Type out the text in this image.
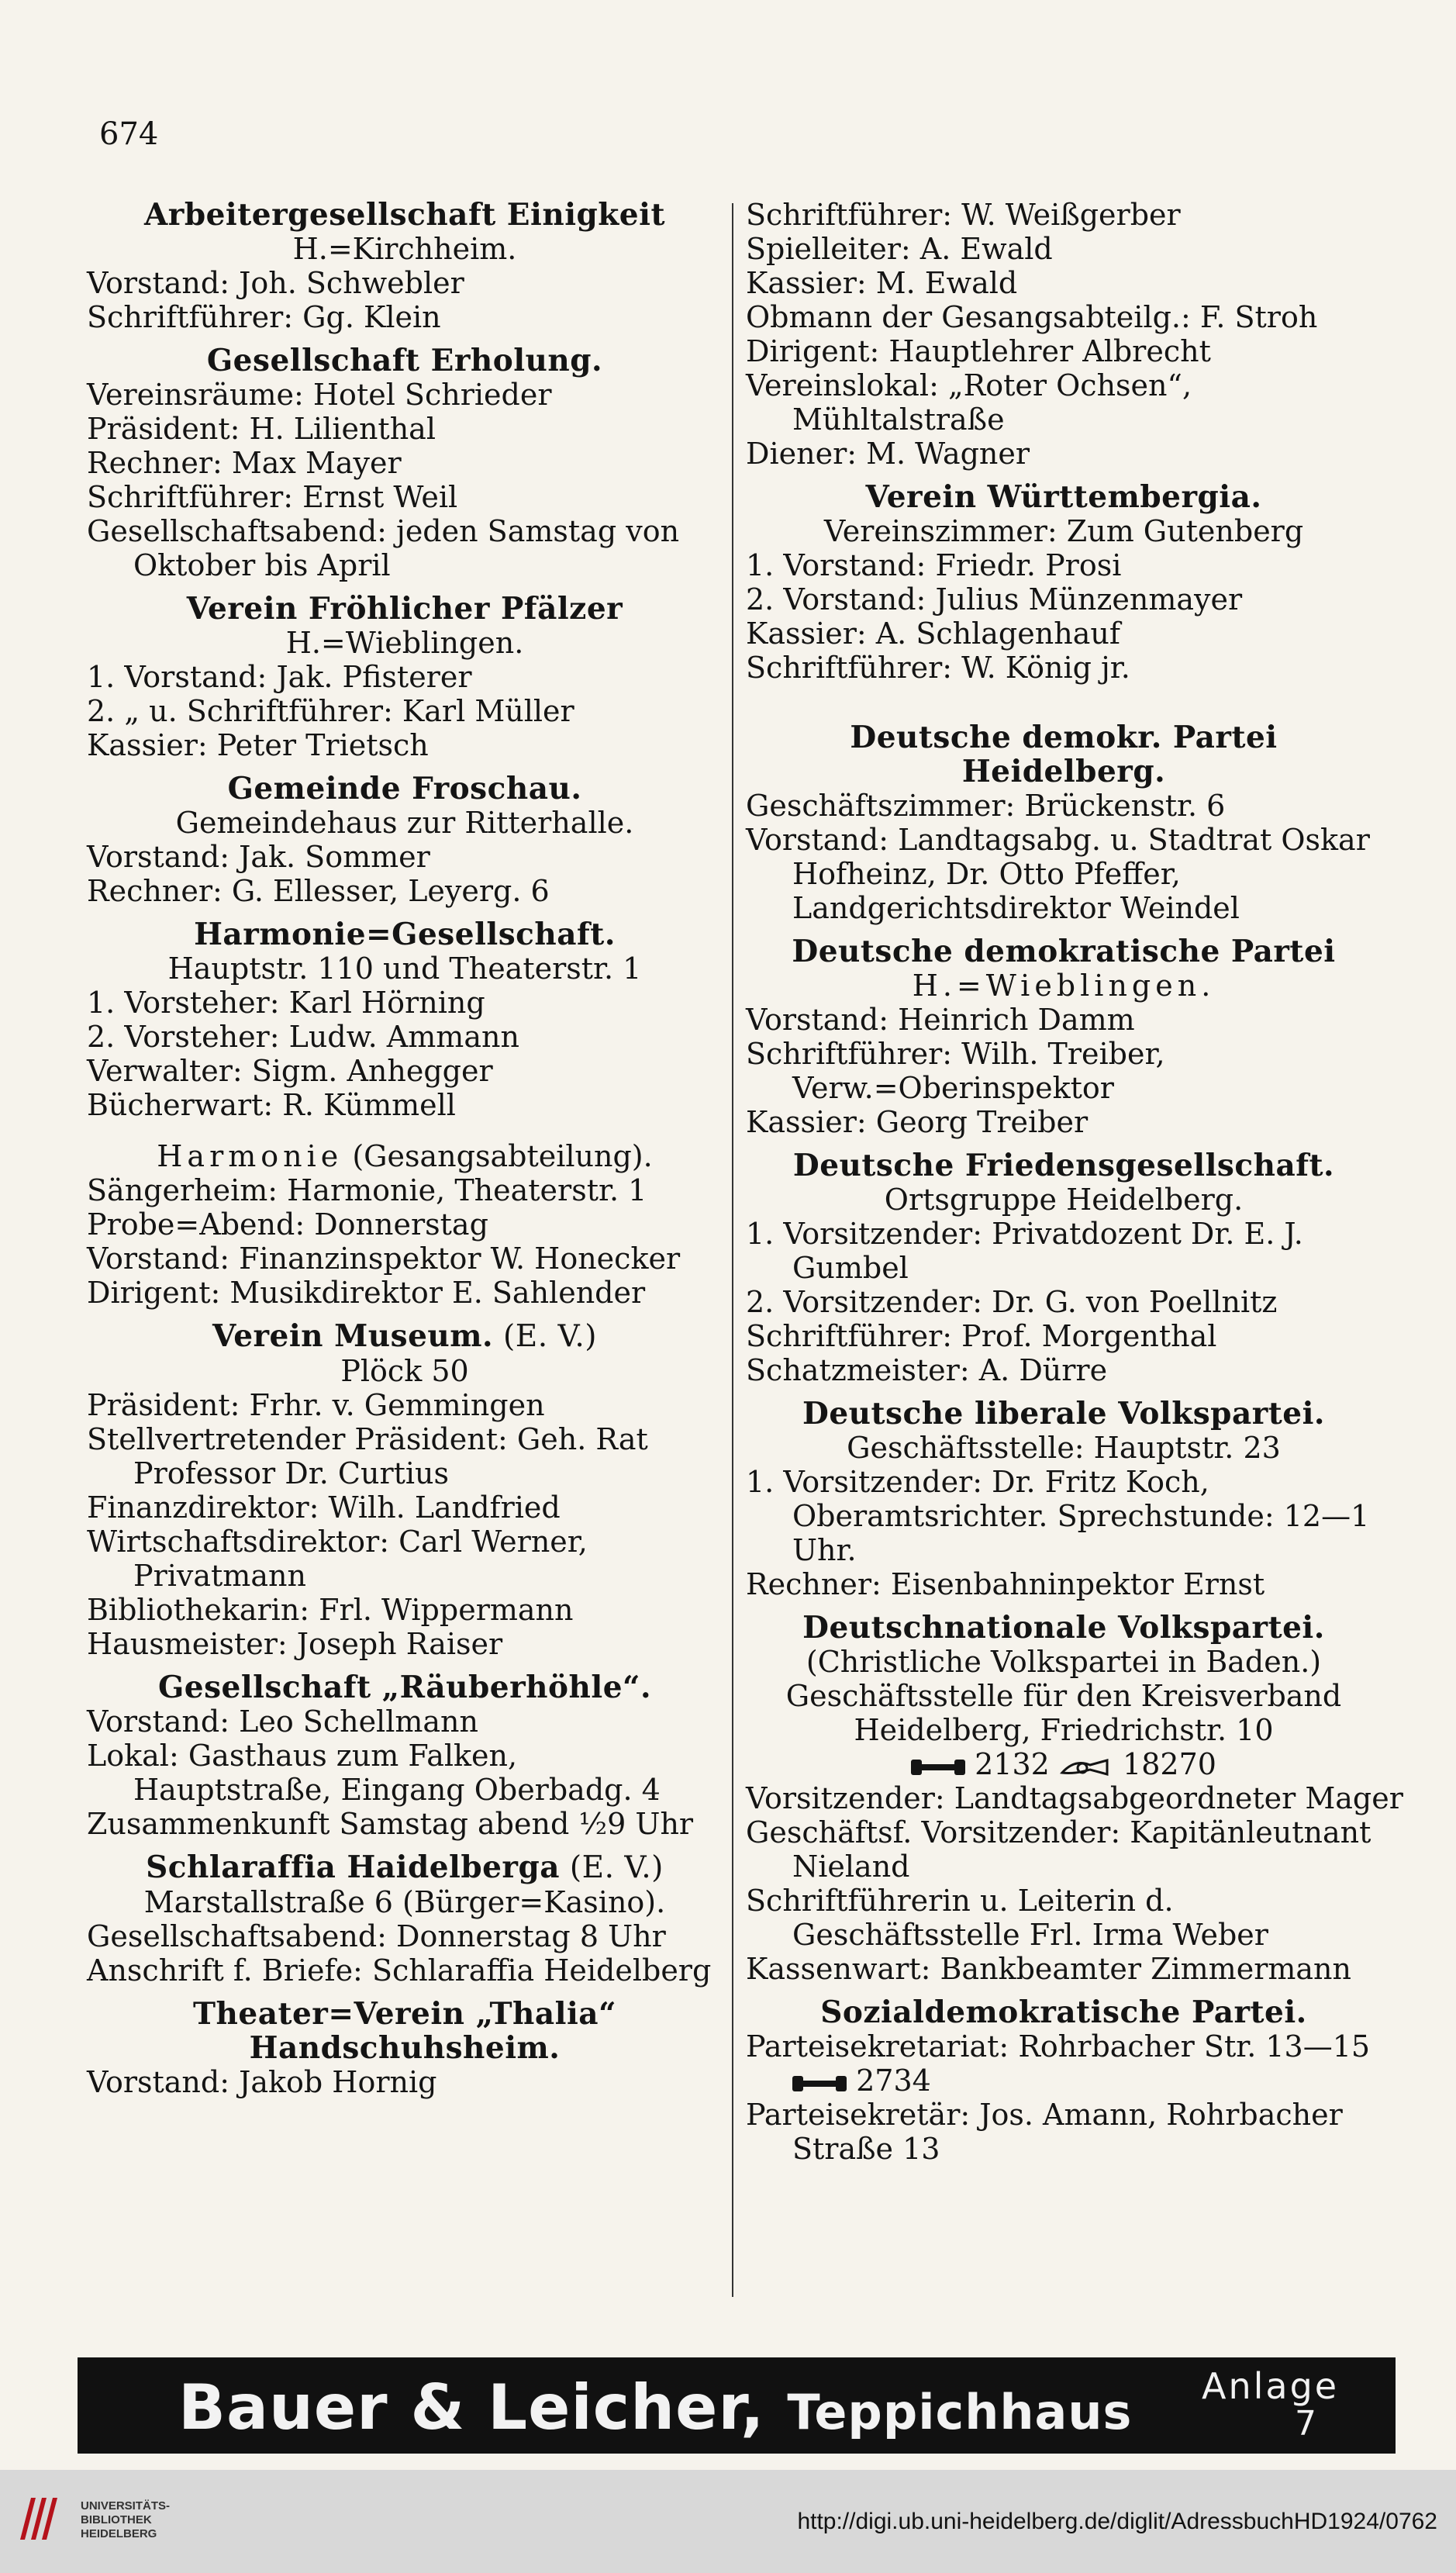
674
Arbeitergesellschaft Einigkeit
H.=Kirchheim.
Vorstand: Joh. Schwebler
Schriftführer: Gg. Klein
Gesellschaft Erholung.
Vereinsräume: Hotel Schrieder
Präsident: H. Lilienthal
Rechner: Max Mayer
Schriftführer: Ernst Weil
Gesellschaftsabend: jeden Samstag von Oktober bis April
Verein Fröhlicher Pfälzer
H.=Wieblingen.
1. Vorstand: Jak. Pfisterer
2. „ u. Schriftführer: Karl Müller
Kassier: Peter Trietsch
Gemeinde Froschau.
Gemeindehaus zur Ritterhalle.
Vorstand: Jak. Sommer
Rechner: G. Ellesser, Leyerg. 6
Harmonie=Gesellschaft.
Hauptstr. 110 und Theaterstr. 1
1. Vorsteher: Karl Hörning
2. Vorsteher: Ludw. Ammann
Verwalter: Sigm. Anhegger
Bücherwart: R. Kümmell
Harmonie (Gesangsabteilung).
Sängerheim: Harmonie, Theaterstr. 1
Probe=Abend: Donnerstag
Vorstand: Finanzinspektor W. Honecker
Dirigent: Musikdirektor E. Sahlender
Verein Museum. (E. V.)
Plöck 50
Präsident: Frhr. v. Gemmingen
Stellvertretender Präsident: Geh. Rat Professor Dr. Curtius
Finanzdirektor: Wilh. Landfried
Wirtschaftsdirektor: Carl Werner, Privatmann
Bibliothekarin: Frl. Wippermann
Hausmeister: Joseph Raiser
Gesellschaft „Räuberhöhle“.
Vorstand: Leo Schellmann
Lokal: Gasthaus zum Falken, Hauptstraße, Eingang Oberbadg. 4
Zusammenkunft Samstag abend ½9 Uhr
Schlaraffia Haidelberga (E. V.)
Marstallstraße 6 (Bürger=Kasino).
Gesellschaftsabend: Donnerstag 8 Uhr
Anschrift f. Briefe: Schlaraffia Heidelberg
Theater=Verein „Thalia“
Handschuhsheim.
Vorstand: Jakob Hornig
Schriftführer: W. Weißgerber
Spielleiter: A. Ewald
Kassier: M. Ewald
Obmann der Gesangsabteilg.: F. Stroh
Dirigent: Hauptlehrer Albrecht
Vereinslokal: „Roter Ochsen“, Mühltalstraße
Diener: M. Wagner
Verein Württembergia.
Vereinszimmer: Zum Gutenberg
1. Vorstand: Friedr. Prosi
2. Vorstand: Julius Münzenmayer
Kassier: A. Schlagenhauf
Schriftführer: W. König jr.
Deutsche demokr. Partei Heidelberg.
Geschäftszimmer: Brückenstr. 6
Vorstand: Landtagsabg. u. Stadtrat Oskar Hofheinz, Dr. Otto Pfeffer, Landgerichtsdirektor Weindel
Deutsche demokratische Partei
H.=Wieblingen.
Vorstand: Heinrich Damm
Schriftführer: Wilh. Treiber, Verw.=Oberinspektor
Kassier: Georg Treiber
Deutsche Friedensgesellschaft.
Ortsgruppe Heidelberg.
1. Vorsitzender: Privatdozent Dr. E. J. Gumbel
2. Vorsitzender: Dr. G. von Poellnitz
Schriftführer: Prof. Morgenthal
Schatzmeister: A. Dürre
Deutsche liberale Volkspartei.
Geschäftsstelle: Hauptstr. 23
1. Vorsitzender: Dr. Fritz Koch, Oberamtsrichter. Sprechstunde: 12—1 Uhr.
Rechner: Eisenbahninpektor Ernst
Deutschnationale Volkspartei.
(Christliche Volkspartei in Baden.)
Geschäftsstelle für den Kreisverband
Heidelberg, Friedrichstr. 10
2132 18270
Vorsitzender: Landtagsabgeordneter Mager
Geschäftsf. Vorsitzender: Kapitänleutnant Nieland
Schriftführerin u. Leiterin d. Geschäftsstelle Frl. Irma Weber
Kassenwart: Bankbeamter Zimmermann
Sozialdemokratische Partei.
Parteisekretariat: Rohrbacher Str. 13—15
2734
Parteisekretär: Jos. Amann, Rohrbacher Straße 13
Bauer & Leicher, Teppichhaus Anlage
7
UNIVERSITÄTS-
BIBLIOTHEK
HEIDELBERG	http://digi.ub.uni-heidelberg.de/diglit/AdressbuchHD1924/0762
